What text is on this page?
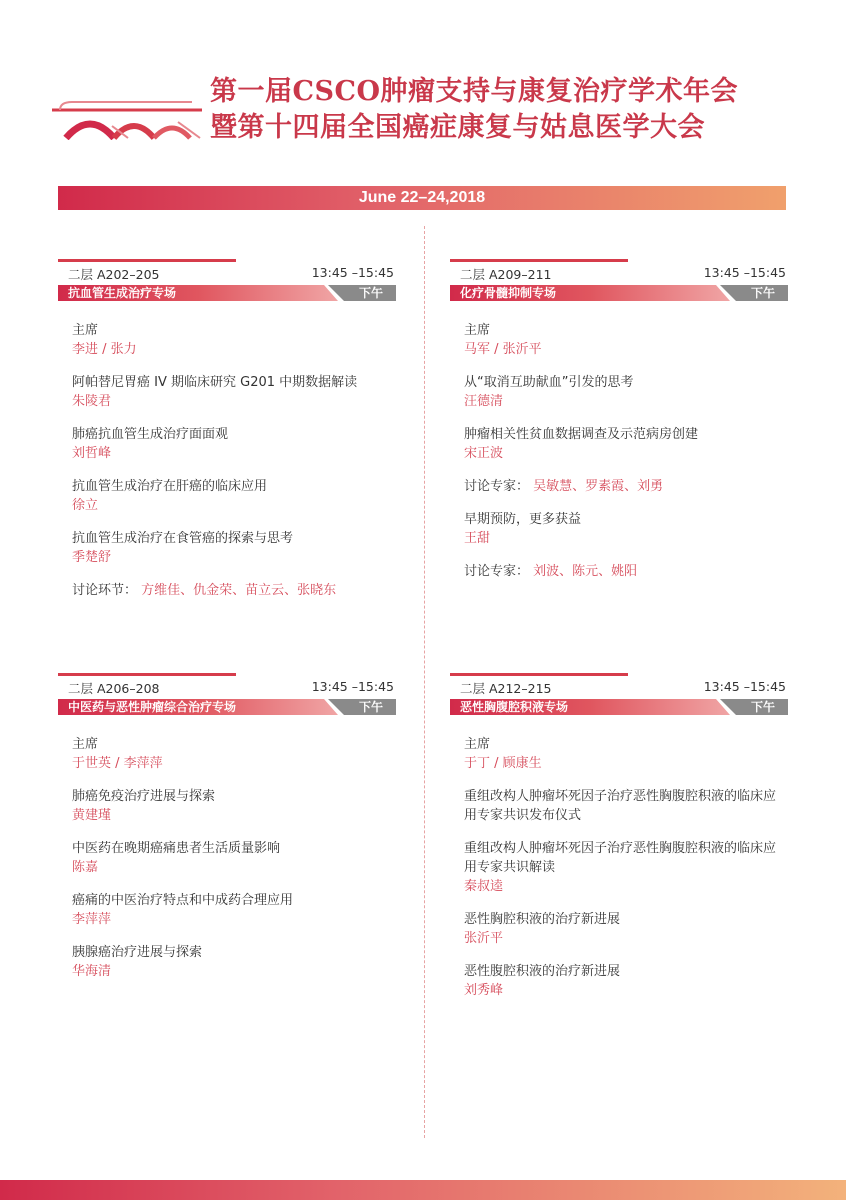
第一届CSCO肿瘤支持与康复治疗学术年会
暨第十四届全国癌症康复与姑息医学大会
June 22–24,2018
二层 A202–205	13:45 –15:45
抗血管生成治疗专场	下午
主席
李进 / 张力
阿帕替尼胃癌 IV 期临床研究 G201 中期数据解读
朱陵君
肺癌抗血管生成治疗面面观
刘哲峰
抗血管生成治疗在肝癌的临床应用
徐立
抗血管生成治疗在食管癌的探索与思考
季楚舒
讨论环节： 方维佳、仇金荣、苗立云、张晓东
二层 A209–211	13:45 –15:45
化疗骨髓抑制专场	下午
主席
马军 / 张沂平
从“取消互助献血”引发的思考
汪德清
肿瘤相关性贫血数据调查及示范病房创建
宋正波
讨论专家： 吴敏慧、罗素霞、刘勇
早期预防，更多获益
王甜
讨论专家： 刘波、陈元、姚阳
二层 A206–208	13:45 –15:45
中医药与恶性肿瘤综合治疗专场	下午
主席
于世英 / 李萍萍
肺癌免疫治疗进展与探索
黄建瑾
中医药在晚期癌痛患者生活质量影响
陈嘉
癌痛的中医治疗特点和中成药合理应用
李萍萍
胰腺癌治疗进展与探索
华海清
二层 A212–215	13:45 –15:45
恶性胸腹腔积液专场	下午
主席
于丁 / 顾康生
重组改构人肿瘤坏死因子治疗恶性胸腹腔积液的临床应用专家共识发布仪式
重组改构人肿瘤坏死因子治疗恶性胸腹腔积液的临床应用专家共识解读
秦叔逵
恶性胸腔积液的治疗新进展
张沂平
恶性腹腔积液的治疗新进展
刘秀峰
